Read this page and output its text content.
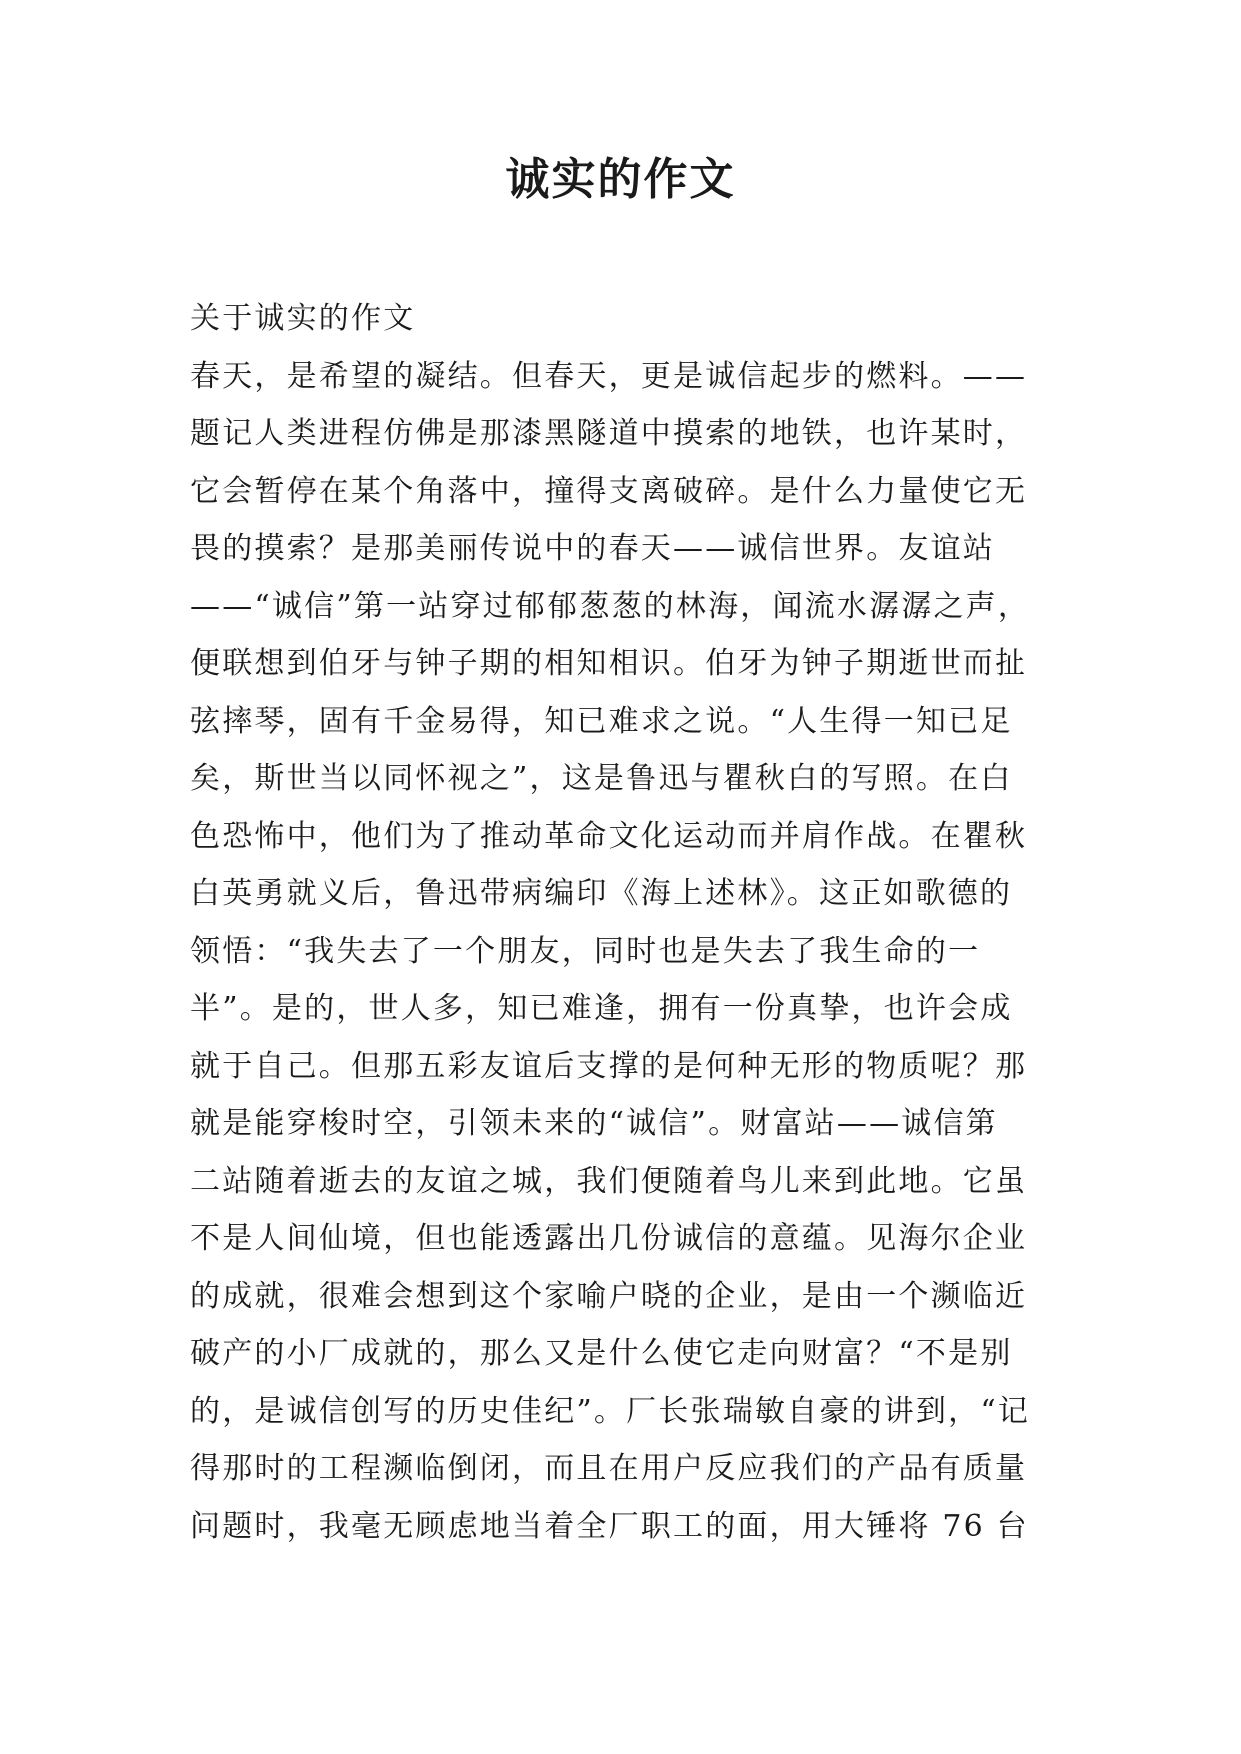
诚实的作文
关于诚实的作文
春天，是希望的凝结。但春天，更是诚信起步的燃料。——
题记人类进程仿佛是那漆黑隧道中摸索的地铁，也许某时，
它会暂停在某个角落中，撞得支离破碎。是什么力量使它无
畏的摸索？是那美丽传说中的春天——诚信世界。友谊站
——“诚信”第一站穿过郁郁葱葱的林海，闻流水潺潺之声，
便联想到伯牙与钟子期的相知相识。伯牙为钟子期逝世而扯
弦摔琴，固有千金易得，知已难求之说。“人生得一知已足
矣，斯世当以同怀视之”，这是鲁迅与瞿秋白的写照。在白
色恐怖中，他们为了推动革命文化运动而并肩作战。在瞿秋
白英勇就义后，鲁迅带病编印《海上述林》。这正如歌德的
领悟：“我失去了一个朋友，同时也是失去了我生命的一
半”。是的，世人多，知已难逢，拥有一份真挚，也许会成
就于自己。但那五彩友谊后支撑的是何种无形的物质呢？那
就是能穿梭时空，引领未来的“诚信”。财富站——诚信第
二站随着逝去的友谊之城，我们便随着鸟儿来到此地。它虽
不是人间仙境，但也能透露出几份诚信的意蕴。见海尔企业
的成就，很难会想到这个家喻户晓的企业，是由一个濒临近
破产的小厂成就的，那么又是什么使它走向财富？“不是别
的，是诚信创写的历史佳纪”。厂长张瑞敏自豪的讲到，“记
得那时的工程濒临倒闭，而且在用户反应我们的产品有质量
问题时，我毫无顾虑地当着全厂职工的面，用大锤将 76 台
